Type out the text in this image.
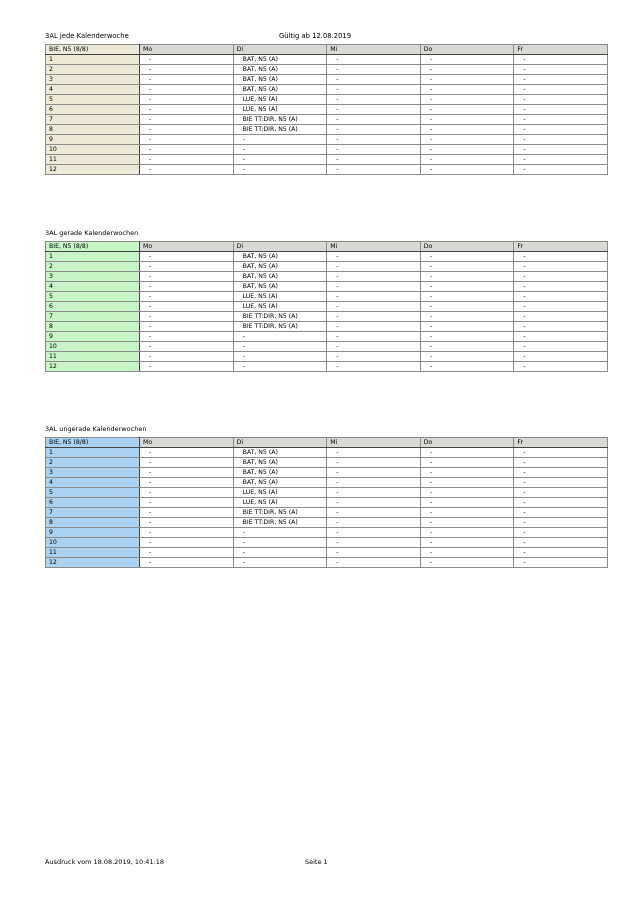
3AL jede Kalenderwoche	Gültig ab 12.08.2019
BIE, N5 (8/8)	Mo	Di	Mi	Do	Fr
1	-	BAT, N5 (A)	-	-	-
2	-	BAT, N5 (A)	-	-	-
3	-	BAT, N5 (A)	-	-	-
4	-	BAT, N5 (A)	-	-	-
5	-	LUE, N5 (A)	-	-	-
6	-	LUE, N5 (A)	-	-	-
7	-	BIE TT:DIR, N5 (A)	-	-	-
8	-	BIE TT:DIR, N5 (A)	-	-	-
9	-	-	-	-	-
10	-	-	-	-	-
11	-	-	-	-	-
12	-	-	-	-	-
3AL gerade Kalenderwochen
BIE, N5 (8/8)	Mo	Di	Mi	Do	Fr
1	-	BAT, N5 (A)	-	-	-
2	-	BAT, N5 (A)	-	-	-
3	-	BAT, N5 (A)	-	-	-
4	-	BAT, N5 (A)	-	-	-
5	-	LUE, N5 (A)	-	-	-
6	-	LUE, N5 (A)	-	-	-
7	-	BIE TT:DIR, N5 (A)	-	-	-
8	-	BIE TT:DIR, N5 (A)	-	-	-
9	-	-	-	-	-
10	-	-	-	-	-
11	-	-	-	-	-
12	-	-	-	-	-
3AL ungerade Kalenderwochen
BIE, N5 (8/8)	Mo	Di	Mi	Do	Fr
1	-	BAT, N5 (A)	-	-	-
2	-	BAT, N5 (A)	-	-	-
3	-	BAT, N5 (A)	-	-	-
4	-	BAT, N5 (A)	-	-	-
5	-	LUE, N5 (A)	-	-	-
6	-	LUE, N5 (A)	-	-	-
7	-	BIE TT:DIR, N5 (A)	-	-	-
8	-	BIE TT:DIR, N5 (A)	-	-	-
9	-	-	-	-	-
10	-	-	-	-	-
11	-	-	-	-	-
12	-	-	-	-	-
Ausdruck vom 18.08.2019, 10:41:18	Seite 1
